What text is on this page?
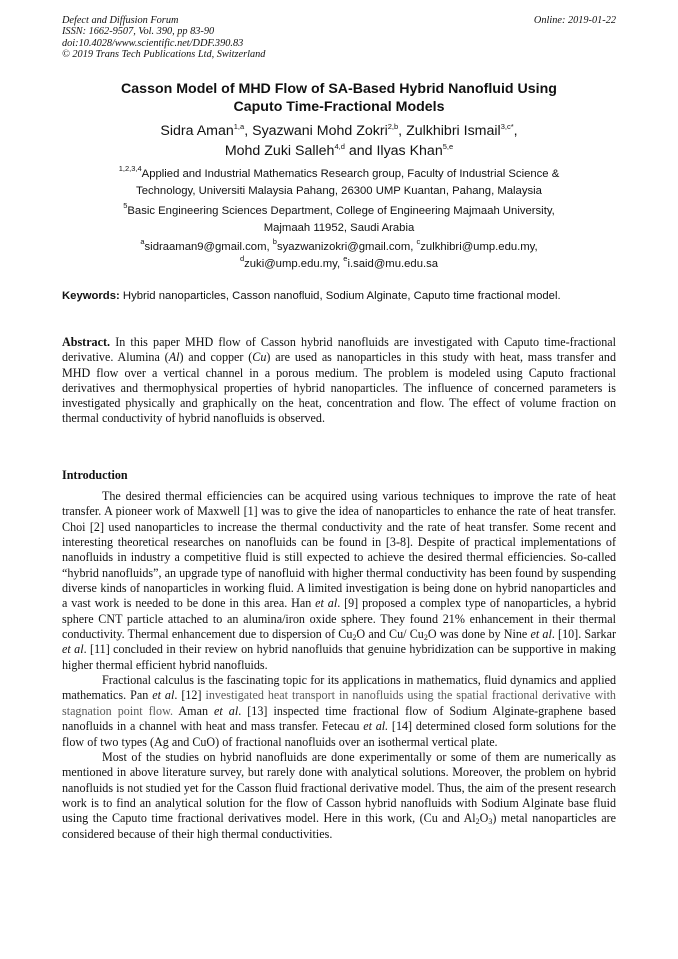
Defect and Diffusion Forum
ISSN: 1662-9507, Vol. 390, pp 83-90
doi:10.4028/www.scientific.net/DDF.390.83
© 2019 Trans Tech Publications Ltd, Switzerland
Online: 2019-01-22
Casson Model of MHD Flow of SA-Based Hybrid Nanofluid Using
Caputo Time-Fractional Models
Sidra Aman$^{1,a}$, Syazwani Mohd Zokri$^{2,b}$, Zulkhibri Ismail$^{3,c*}$,
Mohd Zuki Salleh$^{4,d}$ and Ilyas Khan$^{5,e}$
$^{1,2,3,4}$Applied and Industrial Mathematics Research group, Faculty of Industrial Science &
Technology, Universiti Malaysia Pahang, 26300 UMP Kuantan, Pahang, Malaysia
$^5$Basic Engineering Sciences Department, College of Engineering Majmaah University,
Majmaah 11952, Saudi Arabia
$^a$sidraaman9@gmail.com, $^b$syazwanizokri@gmail.com, $^c$zulkhibri@ump.edu.my,
$^d$zuki@ump.edu.my, $^e$i.said@mu.edu.sa
Keywords: Hybrid nanoparticles, Casson nanofluid, Sodium Alginate, Caputo time fractional model.
Abstract. In this paper MHD flow of Casson hybrid nanofluids are investigated with Caputo time-fractional derivative. Alumina (Al) and copper (Cu) are used as nanoparticles in this study with heat, mass transfer and MHD flow over a vertical channel in a porous medium. The problem is modeled using Caputo fractional derivatives and thermophysical properties of hybrid nanoparticles. The influence of concerned parameters is investigated physically and graphically on the heat, concentration and flow. The effect of volume fraction on thermal conductivity of hybrid nanofluids is observed.
Introduction

The desired thermal efficiencies can be acquired using various techniques to improve the rate of heat transfer. A pioneer work of Maxwell [1] was to give the idea of nanoparticles to enhance the rate of heat transfer. Choi [2] used nanoparticles to increase the thermal conductivity and the rate of heat transfer. Some recent and interesting theoretical researches on nanofluids can be found in [3-8]. Despite of practical implementations of nanofluids in industry a competitive fluid is still expected to achieve the desired thermal efficiencies. So-called “hybrid nanofluids”, an upgrade type of nanofluid with higher thermal conductivity has been found by suspending diverse kinds of nanoparticles in working fluid. A limited investigation is being done on hybrid nanoparticles and a vast work is needed to be done in this area. Han et al. [9] proposed a complex type of nanoparticles, a hybrid sphere CNT particle attached to an alumina/iron oxide sphere. They found 21% enhancement in their thermal conductivity. Thermal enhancement due to dispersion of $Cu_2O$ and Cu/ $Cu_2O$ was done by Nine et al. [10]. Sarkar et al. [11] concluded in their review on hybrid nanofluids that genuine hybridization can be supportive in making higher thermal efficient hybrid nanofluids.

Fractional calculus is the fascinating topic for its applications in mathematics, fluid dynamics and applied mathematics. Pan et al. [12] investigated heat transport in nanofluids using the spatial fractional derivative with stagnation point flow. Aman et al. [13] inspected time fractional flow of Sodium Alginate-graphene based nanofluids in a channel with heat and mass transfer. Fetecau et al. [14] determined closed form solutions for the flow of two types (Ag and CuO) of fractional nanofluids over an isothermal vertical plate.

Most of the studies on hybrid nanofluids are done experimentally or some of them are numerically as mentioned in above literature survey, but rarely done with analytical solutions. Moreover, the problem on hybrid nanofluids is not studied yet for the Casson fluid fractional derivative model. Thus, the aim of the present research work is to find an analytical solution for the flow of Casson hybrid nanofluids with Sodium Alginate base fluid using the Caputo time fractional derivatives model. Here in this work, (Cu and $Al_2O_3$) metal nanoparticles are considered because of their high thermal conductivities.
